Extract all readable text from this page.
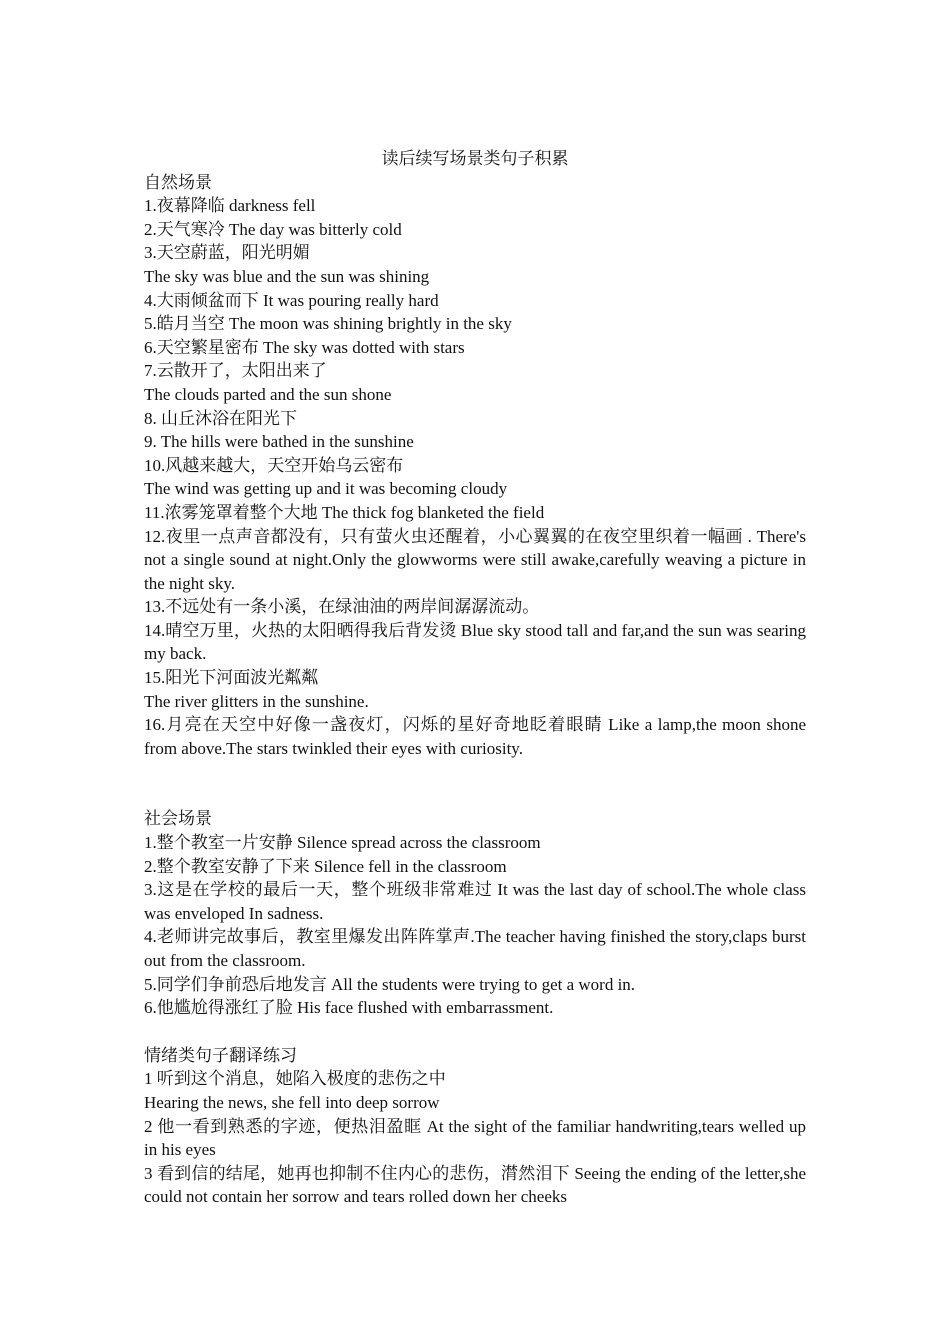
读后续写场景类句子积累

自然场景

1.夜幕降临 darkness fell

2.天气寒冷 The day was bitterly cold

3.天空蔚蓝，阳光明媚

The sky was blue and the sun was shining

4.大雨倾盆而下 It was pouring really hard

5.皓月当空 The moon was shining brightly in the sky

6.天空繁星密布 The sky was dotted with stars

7.云散开了，太阳出来了

The clouds parted and the sun shone

8. 山丘沐浴在阳光下

9. The hills were bathed in the sunshine

10.风越来越大，天空开始乌云密布

The wind was getting up and it was becoming cloudy

11.浓雾笼罩着整个大地 The thick fog blanketed the field

12.夜里一点声音都没有，只有萤火虫还醒着，小心翼翼的在夜空里织着一幅画 . There's not a single sound at night.Only the glowworms were still awake,carefully weaving a picture in the night sky.

13.不远处有一条小溪，在绿油油的两岸间潺潺流动。

14.晴空万里，火热的太阳晒得我后背发烫 Blue sky stood tall and far,and the sun was searing my back.

15.阳光下河面波光粼粼

The river glitters in the sunshine.

16.月亮在天空中好像一盏夜灯，闪烁的星好奇地眨着眼睛 Like a lamp,the moon shone from above.The stars twinkled their eyes with curiosity.

社会场景

1.整个教室一片安静 Silence spread across the classroom

2.整个教室安静了下来 Silence fell in the classroom

3.这是在学校的最后一天，整个班级非常难过 It was the last day of school.The whole class was enveloped In sadness.

4.老师讲完故事后，教室里爆发出阵阵掌声.The teacher having finished the story,claps burst out from the classroom.

5.同学们争前恐后地发言 All the students were trying to get a word in.

6.他尴尬得涨红了脸 His face flushed with embarrassment.

情绪类句子翻译练习

1 听到这个消息，她陷入极度的悲伤之中

Hearing the news, she fell into deep sorrow

2 他一看到熟悉的字迹，便热泪盈眶 At the sight of the familiar handwriting,tears welled up in his eyes

3 看到信的结尾，她再也抑制不住内心的悲伤，潸然泪下 Seeing the ending of the letter,she could not contain her sorrow and tears rolled down her cheeks
